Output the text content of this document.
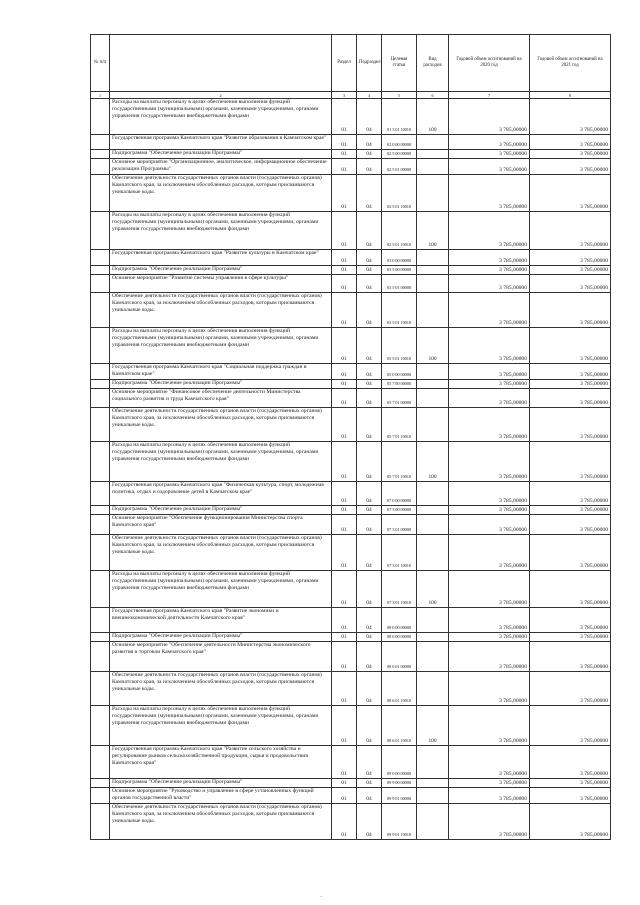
№ п/п		Раздел	Подраздел	Целевая статья	Вид расходов	Годовой объем ассигнований на 2020 год	Годовой объем ассигнований на 2021 год
1	2	3	4	5	6	7	8
	Расходы на выплаты персоналу в целях обеспечения выполнения функций государственными (муниципальными) органами, казенными учреждениями, органами управления государственными внебюджетными фондами	01	04	01 3 01 10010	100	3 785,00000	3 785,00000
	Государственная программа Камчатского края "Развитие образования в Камчатском крае"	01	04	02 0 00 00000		3 785,00000	3 785,00000
	Подпрограмма "Обеспечение реализации Программы"	01	04	02 5 00 00000		3 785,00000	3 785,00000
	Основное мероприятие "Организационное, аналитическое, информационное обеспечение реализации Программы"	01	04	02 5 01 00000		3 785,00000	3 785,00000
	Обеспечение деятельности государственных органов власти (государственных органов) Камчатского края, за исключением обособленных расходов, которым присваиваются уникальные коды.	01	04	02 5 01 10010		3 785,00000	3 785,00000
	Расходы на выплаты персоналу в целях обеспечения выполнения функций государственными (муниципальными) органами, казенными учреждениями, органами управления государственными внебюджетными фондами	01	04	02 5 01 10010	100	3 785,00000	3 785,00000
	Государственная программа Камчатского края "Развитие культуры в Камчатском крае"	01	04	03 0 00 00000		3 785,00000	3 785,00000
	Подпрограмма "Обеспечение реализации Программы"	01	04	03 5 00 00000		3 785,00000	3 785,00000
	Основное мероприятие "Развитие системы управления в сфере культуры"	01	04	03 5 01 00000		3 785,00000	3 785,00000
	Обеспечение деятельности государственных органов власти (государственных органов) Камчатского края, за исключением обособленных расходов, которым присваиваются уникальные коды.	01	04	03 5 01 10010		3 785,00000	3 785,00000
	Расходы на выплаты персоналу в целях обеспечения выполнения функций государственными (муниципальными) органами, казенными учреждениями, органами управления государственными внебюджетными фондами	01	04	03 5 01 10010	100	3 785,00000	3 785,00000
	Государственная программа Камчатского края "Социальная поддержка граждан в Камчатском крае"	01	04	05 0 00 00000		3 785,00000	3 785,00000
	Подпрограмма "Обеспечение реализации Программы"	01	04	05 7 00 00000		3 785,00000	3 785,00000
	Основное мероприятие "Финансовое обеспечение деятельности Министерства социального развития и труда Камчатского края"	01	04	05 7 01 00000		3 785,00000	3 785,00000
	Обеспечение деятельности государственных органов власти (государственных органов) Камчатского края, за исключением обособленных расходов, которым присваиваются уникальные коды.	01	04	05 7 01 10010		3 785,00000	3 785,00000
	Расходы на выплаты персоналу в целях обеспечения выполнения функций государственными (муниципальными) органами, казенными учреждениями, органами управления государственными внебюджетными фондами	01	04	05 7 01 10010	100	3 785,00000	3 785,00000
	Государственная программа Камчатского края "Физическая культура, спорт, молодежная политика, отдых и оздоровление детей в Камчатском крае"	01	04	07 0 00 00000		3 785,00000	3 785,00000
	Подпрограмма "Обеспечение реализации Программы"	01	04	07 3 00 00000		3 785,00000	3 785,00000
	Основное мероприятие "Обеспечение функционирования Министерства спорта Камчатского края"	01	04	07 3 01 00000		3 785,00000	3 785,00000
	Обеспечение деятельности государственных органов власти (государственных органов) Камчатского края, за исключением обособленных расходов, которым присваиваются уникальные коды.	01	04	07 3 01 10010		3 785,00000	3 785,00000
	Расходы на выплаты персоналу в целях обеспечения выполнения функций государственными (муниципальными) органами, казенными учреждениями, органами управления государственными внебюджетными фондами	01	04	07 3 01 10010	100	3 785,00000	3 785,00000
	Государственная программа Камчатского края "Развитие экономики и внешнеэкономической деятельности Камчатского края"	01	04	08 0 00 00000		3 785,00000	3 785,00000
	Подпрограмма "Обеспечение реализации Программы"	01	04	08 6 00 00000		3 785,00000	3 785,00000
	Основное мероприятие "Обеспечение деятельности Министерства экономического развития и торговли Камчатского края"	01	04	08 6 01 00000		3 785,00000	3 785,00000
	Обеспечение деятельности государственных органов власти (государственных органов) Камчатского края, за исключением обособленных расходов, которым присваиваются уникальные коды.	01	04	08 6 01 10010		3 785,00000	3 785,00000
	Расходы на выплаты персоналу в целях обеспечения выполнения функций государственными (муниципальными) органами, казенными учреждениями, органами управления государственными внебюджетными фондами	01	04	08 6 01 10010	100	3 785,00000	3 785,00000
	Государственная программа Камчатского края "Развитие сельского хозяйства и регулирование рынков сельскохозяйственной продукции, сырья и продовольствия Камчатского края"	01	04	09 0 00 00000		3 785,00000	3 785,00000
	Подпрограмма "Обеспечение реализации Программы"	01	04	09 9 00 00000		3 785,00000	3 785,00000
	Основное мероприятие "Руководство и управление в сфере установленных функций органов государственной власти"	01	04	09 9 01 00000		3 785,00000	3 785,00000
	Обеспечение деятельности государственных органов власти (государственных органов) Камчатского края, за исключением обособленных расходов, которым присваиваются уникальные коды.	01	04	09 9 01 10010		3 785,00000	3 785,00000
·
